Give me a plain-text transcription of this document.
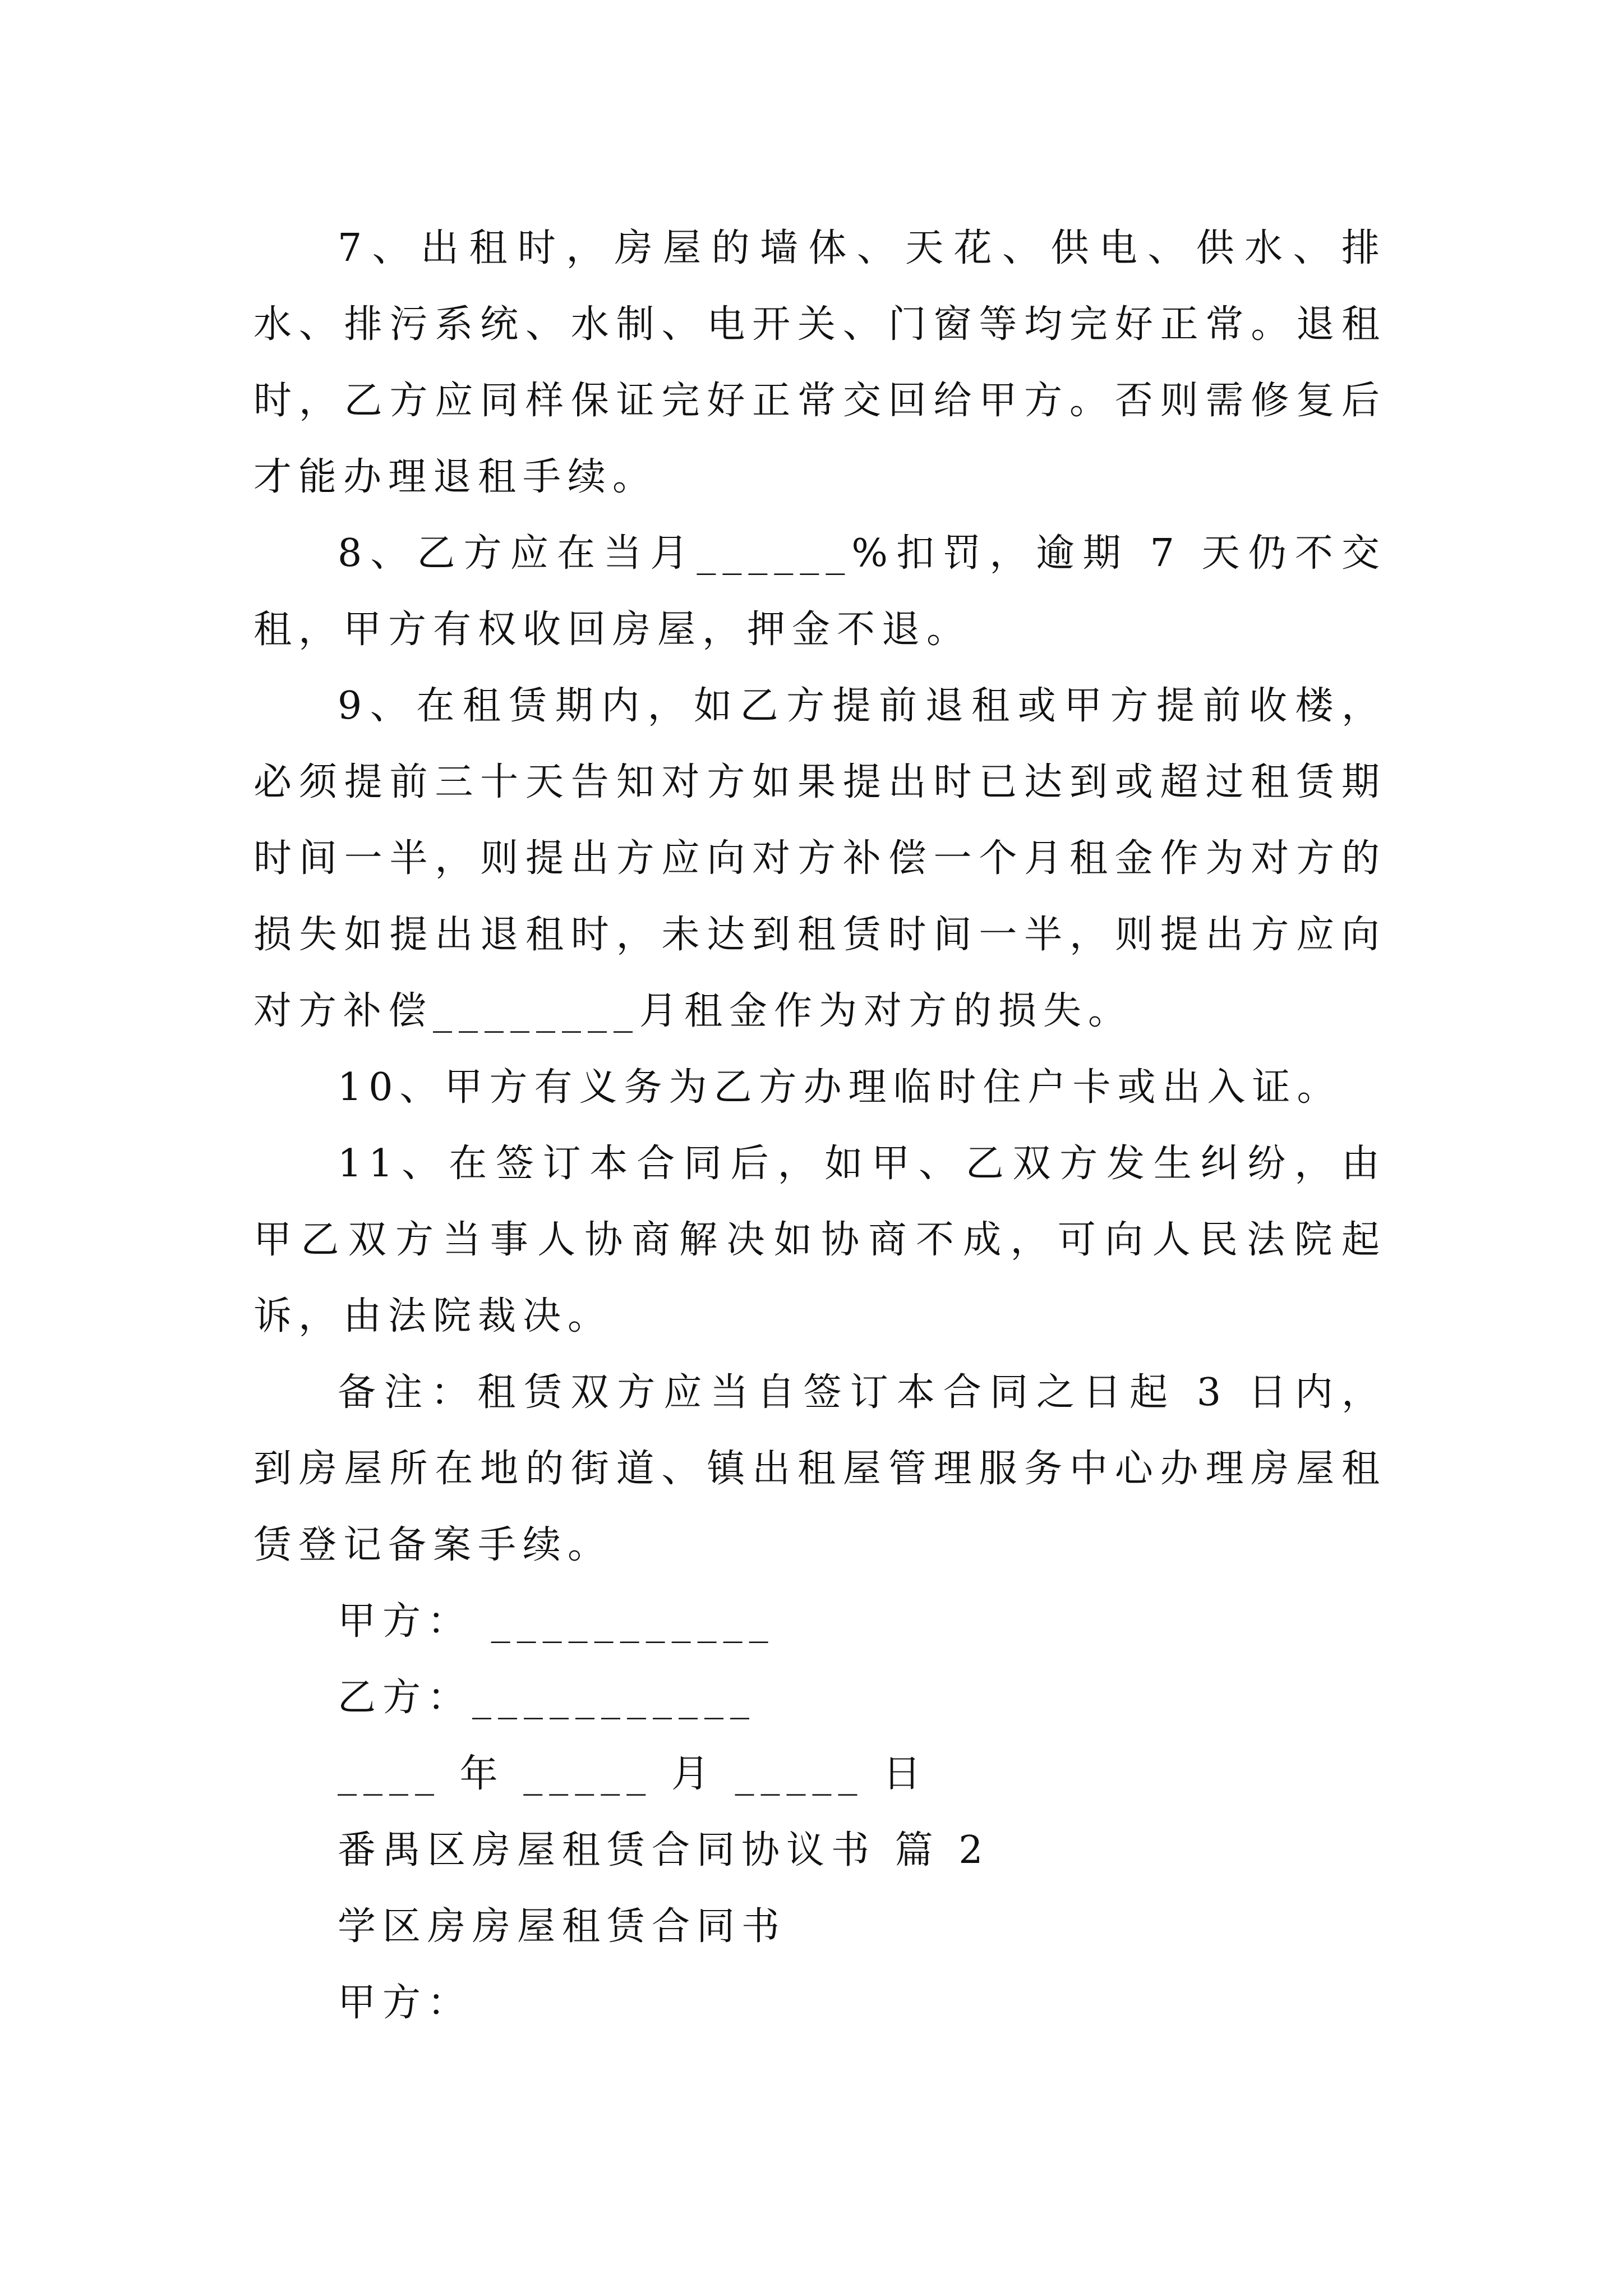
7、出租时，房屋的墙体、天花、供电、供水、排水、排污系统、水制、电开关、门窗等均完好正常。退租时，乙方应同样保证完好正常交回给甲方。否则需修复后才能办理退租手续。

8、乙方应在当月______%扣罚，逾期 7 天仍不交租，甲方有权收回房屋，押金不退。

9、在租赁期内，如乙方提前退租或甲方提前收楼，必须提前三十天告知对方如果提出时已达到或超过租赁期时间一半，则提出方应向对方补偿一个月租金作为对方的损失如提出退租时，未达到租赁时间一半，则提出方应向对方补偿________月租金作为对方的损失。

10、甲方有义务为乙方办理临时住户卡或出入证。

11、在签订本合同后，如甲、乙双方发生纠纷，由甲乙双方当事人协商解决如协商不成，可向人民法院起诉，由法院裁决。

备注：租赁双方应当自签订本合同之日起 3 日内，到房屋所在地的街道、镇出租屋管理服务中心办理房屋租赁登记备案手续。

甲方： ___________

乙方：___________

____ 年 _____ 月 _____ 日

番禺区房屋租赁合同协议书 篇 2

学区房房屋租赁合同书

甲方：
